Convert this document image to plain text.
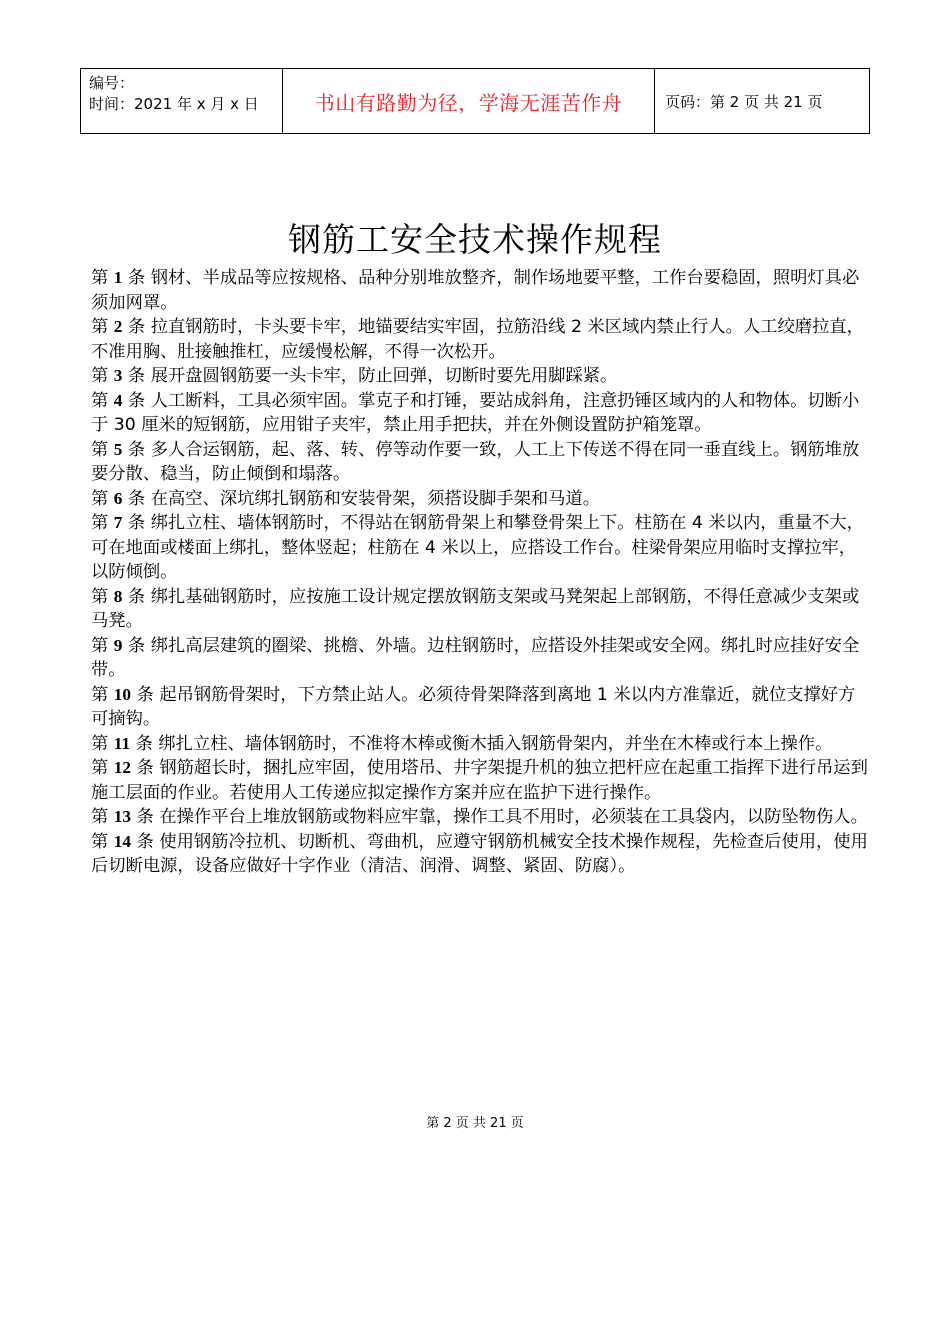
编号：
时间：2021 年 x 月 x 日	书山有路勤为径，学海无涯苦作舟	页码：第 2 页 共 21 页
钢筋工安全技术操作规程

第 1 条 钢材、半成品等应按规格、品种分别堆放整齐，制作场地要平整，工作台要稳固，照明灯具必须加网罩。

第 2 条 拉直钢筋时，卡头要卡牢，地锚要结实牢固，拉筋沿线 2 米区域内禁止行人。人工绞磨拉直，不准用胸、肚接触推杠，应缓慢松解，不得一次松开。

第 3 条 展开盘圆钢筋要一头卡牢，防止回弹，切断时要先用脚踩紧。

第 4 条 人工断料，工具必须牢固。掌克子和打锤，要站成斜角，注意扔锤区域内的人和物体。切断小于 30 厘米的短钢筋，应用钳子夹牢，禁止用手把扶，并在外侧设置防护箱笼罩。

第 5 条 多人合运钢筋，起、落、转、停等动作要一致，人工上下传送不得在同一垂直线上。钢筋堆放要分散、稳当，防止倾倒和塌落。

第 6 条 在高空、深坑绑扎钢筋和安装骨架，须搭设脚手架和马道。

第 7 条 绑扎立柱、墙体钢筋时，不得站在钢筋骨架上和攀登骨架上下。柱筋在 4 米以内，重量不大，可在地面或楼面上绑扎，整体竖起；柱筋在 4 米以上，应搭设工作台。柱梁骨架应用临时支撑拉牢，以防倾倒。

第 8 条 绑扎基础钢筋时，应按施工设计规定摆放钢筋支架或马凳架起上部钢筋，不得任意减少支架或马凳。

第 9 条 绑扎高层建筑的圈梁、挑檐、外墙。边柱钢筋时，应搭设外挂架或安全网。绑扎时应挂好安全带。

第 10 条 起吊钢筋骨架时，下方禁止站人。必须待骨架降落到离地 1 米以内方准靠近，就位支撑好方可摘钩。

第 11 条 绑扎立柱、墙体钢筋时，不准将木棒或衡木插入钢筋骨架内，并坐在木棒或行本上操作。

第 12 条 钢筋超长时，捆扎应牢固，使用塔吊、井字架提升机的独立把杆应在起重工指挥下进行吊运到施工层面的作业。若使用人工传递应拟定操作方案并应在监护下进行操作。

第 13 条 在操作平台上堆放钢筋或物料应牢靠，操作工具不用时，必须装在工具袋内，以防坠物伤人。

第 14 条 使用钢筋冷拉机、切断机、弯曲机，应遵守钢筋机械安全技术操作规程，先检查后使用，使用后切断电源，设备应做好十字作业（清洁、润滑、调整、紧固、防腐）。

第 2 页 共 21 页
